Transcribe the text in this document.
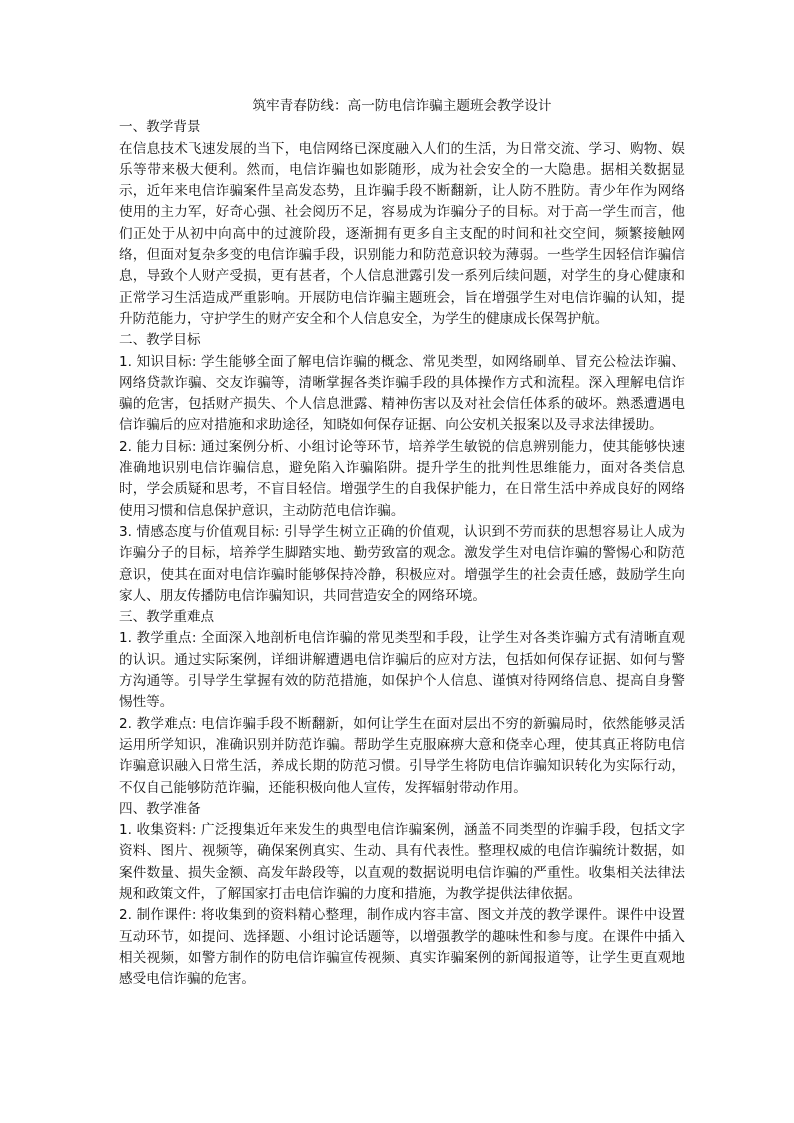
筑牢青春防线：高一防电信诈骗主题班会教学设计
一、教学背景

在信息技术飞速发展的当下，电信网络已深度融入人们的生活，为日常交流、学习、购物、娱乐等带来极大便利。然而，电信诈骗也如影随形，成为社会安全的一大隐患。据相关数据显示，近年来电信诈骗案件呈高发态势，且诈骗手段不断翻新，让人防不胜防。青少年作为网络使用的主力军，好奇心强、社会阅历不足，容易成为诈骗分子的目标。对于高一学生而言，他们正处于从初中向高中的过渡阶段，逐渐拥有更多自主支配的时间和社交空间，频繁接触网络，但面对复杂多变的电信诈骗手段，识别能力和防范意识较为薄弱。一些学生因轻信诈骗信息，导致个人财产受损，更有甚者，个人信息泄露引发一系列后续问题，对学生的身心健康和正常学习生活造成严重影响。开展防电信诈骗主题班会，旨在增强学生对电信诈骗的认知，提升防范能力，守护学生的财产安全和个人信息安全，为学生的健康成长保驾护航。

二、教学目标

1. 知识目标: 学生能够全面了解电信诈骗的概念、常见类型，如网络刷单、冒充公检法诈骗、网络贷款诈骗、交友诈骗等，清晰掌握各类诈骗手段的具体操作方式和流程。深入理解电信诈骗的危害，包括财产损失、个人信息泄露、精神伤害以及对社会信任体系的破坏。熟悉遭遇电信诈骗后的应对措施和求助途径，知晓如何保存证据、向公安机关报案以及寻求法律援助。

2. 能力目标: 通过案例分析、小组讨论等环节，培养学生敏锐的信息辨别能力，使其能够快速准确地识别电信诈骗信息，避免陷入诈骗陷阱。提升学生的批判性思维能力，面对各类信息时，学会质疑和思考，不盲目轻信。增强学生的自我保护能力，在日常生活中养成良好的网络使用习惯和信息保护意识，主动防范电信诈骗。

3. 情感态度与价值观目标: 引导学生树立正确的价值观，认识到不劳而获的思想容易让人成为诈骗分子的目标，培养学生脚踏实地、勤劳致富的观念。激发学生对电信诈骗的警惕心和防范意识，使其在面对电信诈骗时能够保持冷静，积极应对。增强学生的社会责任感，鼓励学生向家人、朋友传播防电信诈骗知识，共同营造安全的网络环境。

三、教学重难点

1. 教学重点: 全面深入地剖析电信诈骗的常见类型和手段，让学生对各类诈骗方式有清晰直观的认识。通过实际案例，详细讲解遭遇电信诈骗后的应对方法，包括如何保存证据、如何与警方沟通等。引导学生掌握有效的防范措施，如保护个人信息、谨慎对待网络信息、提高自身警惕性等。

2. 教学难点: 电信诈骗手段不断翻新，如何让学生在面对层出不穷的新骗局时，依然能够灵活运用所学知识，准确识别并防范诈骗。帮助学生克服麻痹大意和侥幸心理，使其真正将防电信诈骗意识融入日常生活，养成长期的防范习惯。引导学生将防电信诈骗知识转化为实际行动，不仅自己能够防范诈骗，还能积极向他人宣传，发挥辐射带动作用。

四、教学准备

1. 收集资料: 广泛搜集近年来发生的典型电信诈骗案例，涵盖不同类型的诈骗手段，包括文字资料、图片、视频等，确保案例真实、生动、具有代表性。整理权威的电信诈骗统计数据，如案件数量、损失金额、高发年龄段等，以直观的数据说明电信诈骗的严重性。收集相关法律法规和政策文件，了解国家打击电信诈骗的力度和措施，为教学提供法律依据。

2. 制作课件: 将收集到的资料精心整理，制作成内容丰富、图文并茂的教学课件。课件中设置互动环节，如提问、选择题、小组讨论话题等，以增强教学的趣味性和参与度。在课件中插入相关视频，如警方制作的防电信诈骗宣传视频、真实诈骗案例的新闻报道等，让学生更直观地感受电信诈骗的危害。
